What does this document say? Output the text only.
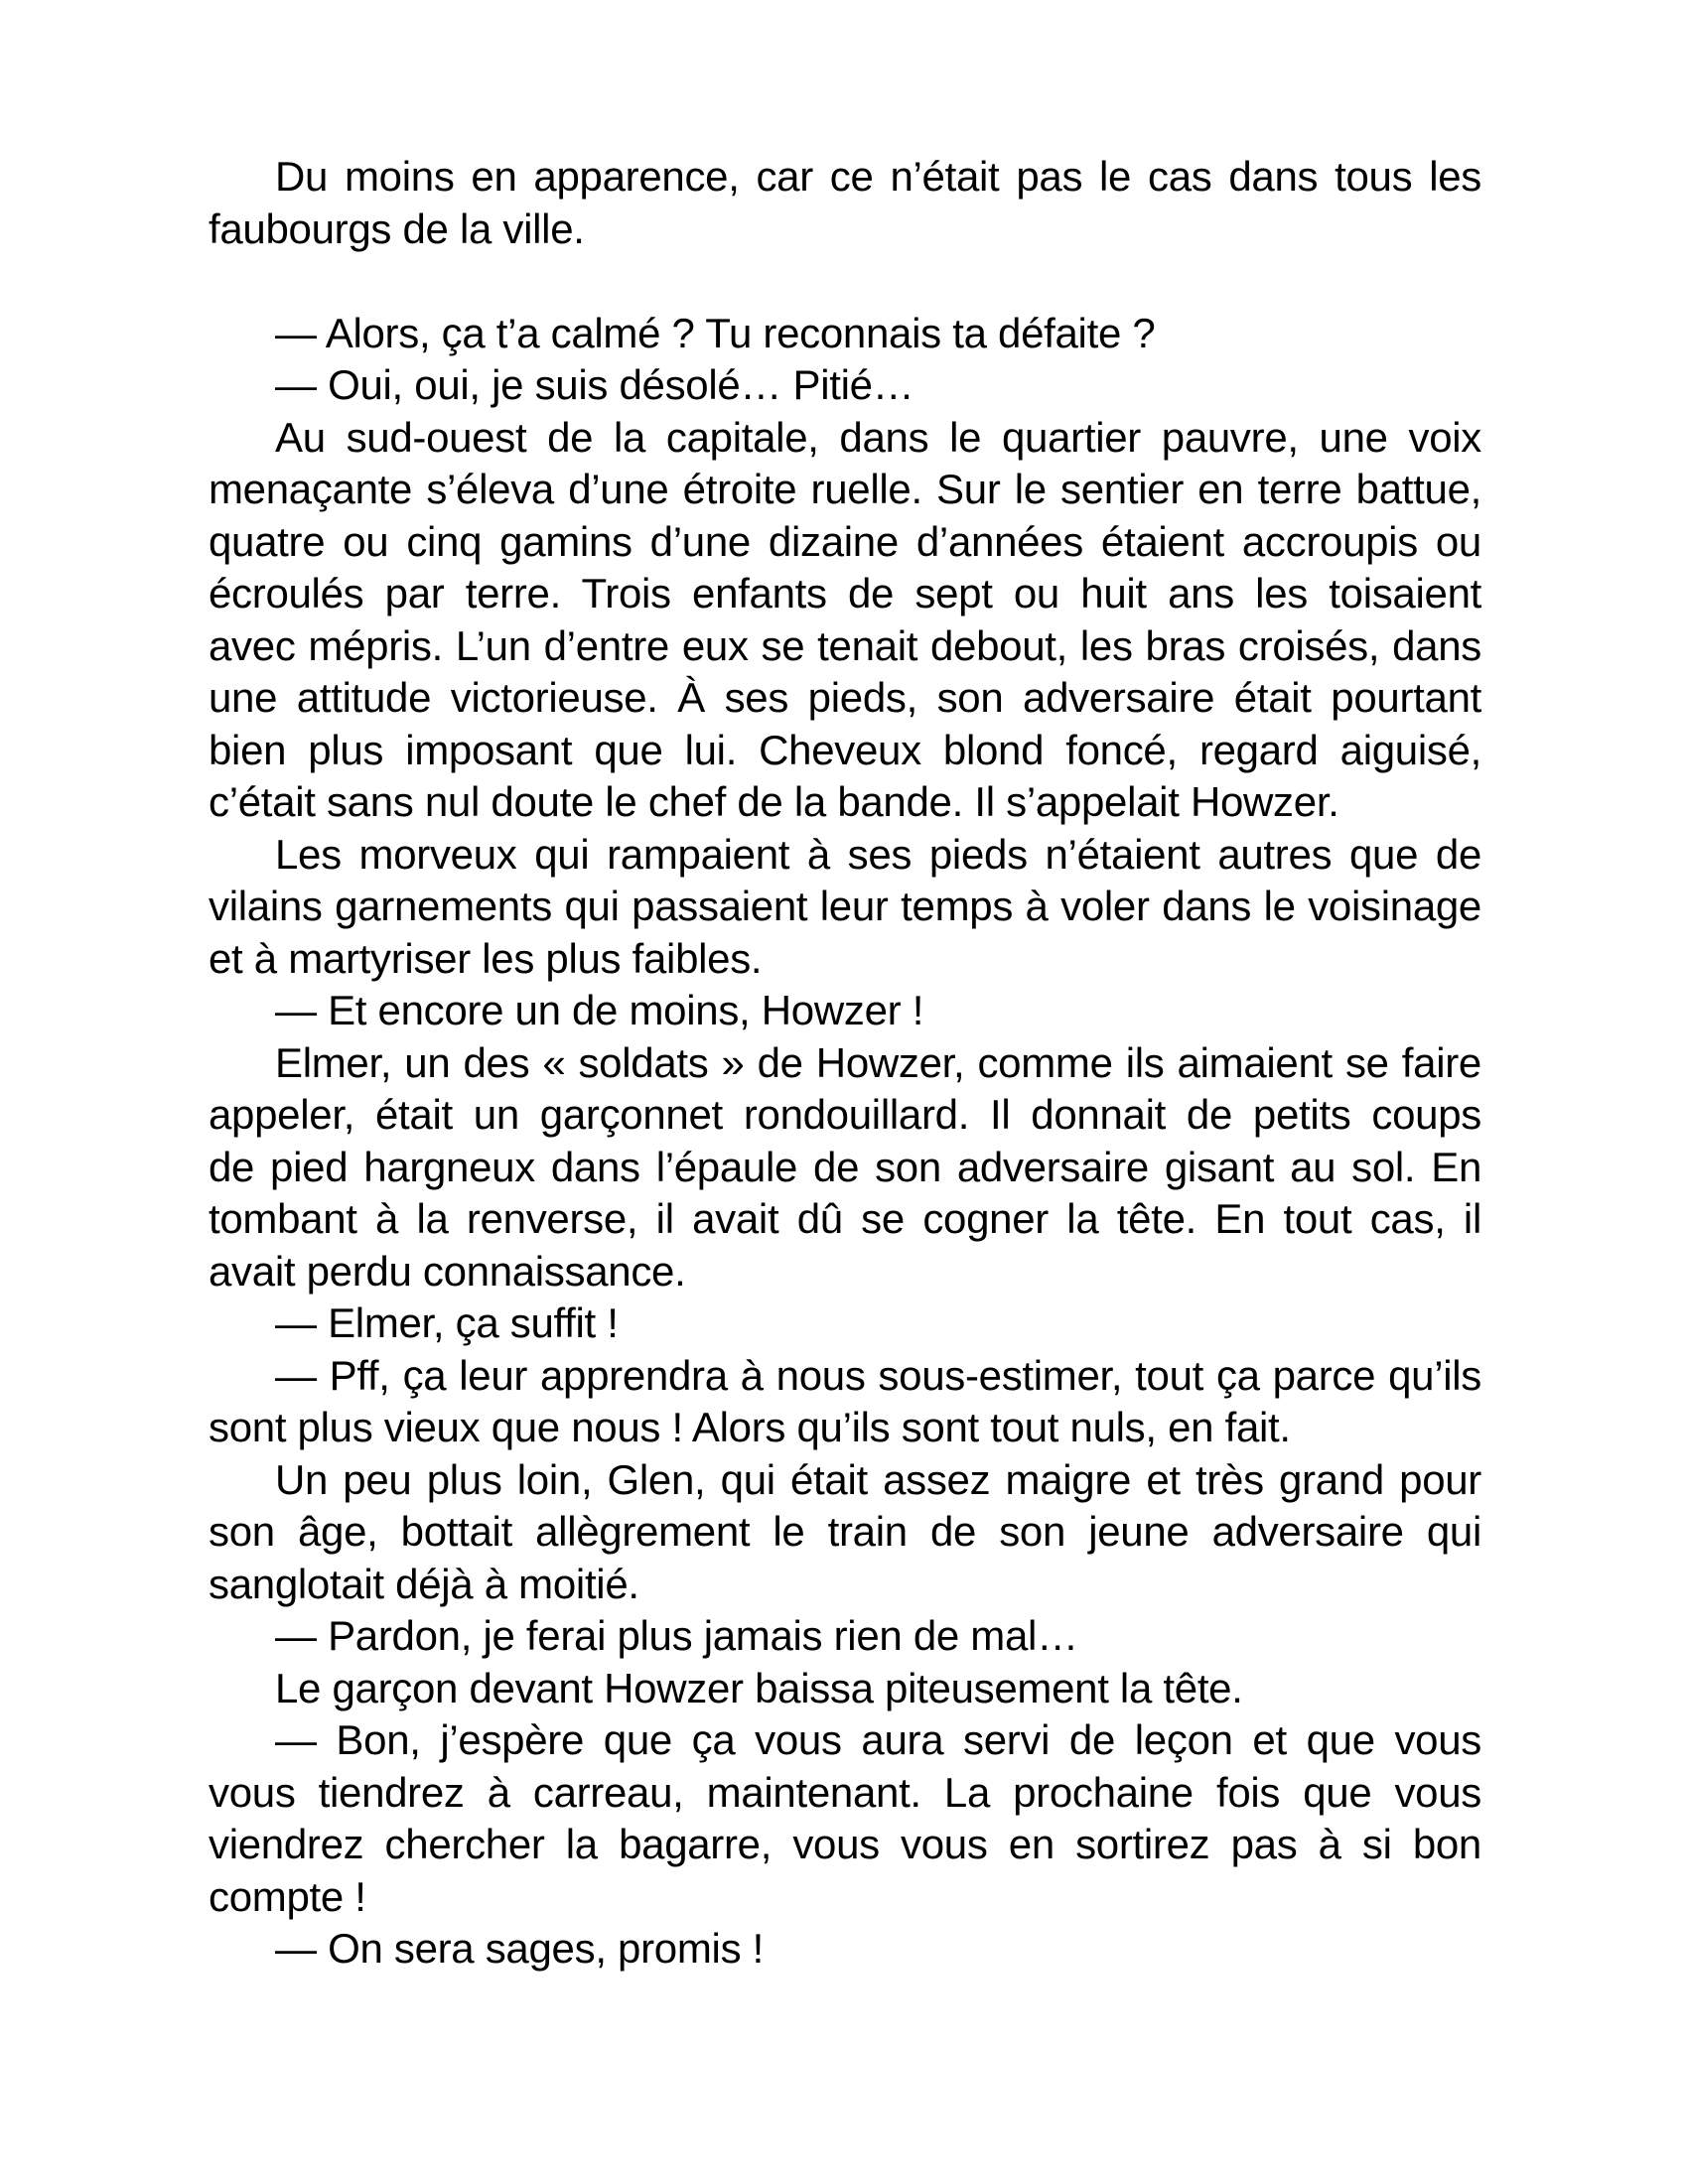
Du moins en apparence, car ce n’était pas le cas dans tous les
faubourgs de la ville.
— Alors, ça t’a calmé ? Tu reconnais ta défaite ?
— Oui, oui, je suis désolé… Pitié…
Au sud-ouest de la capitale, dans le quartier pauvre, une voix
menaçante s’éleva d’une étroite ruelle. Sur le sentier en terre battue,
quatre ou cinq gamins d’une dizaine d’années étaient accroupis ou
écroulés par terre. Trois enfants de sept ou huit ans les toisaient
avec mépris. L’un d’entre eux se tenait debout, les bras croisés, dans
une attitude victorieuse. À ses pieds, son adversaire était pourtant
bien plus imposant que lui. Cheveux blond foncé, regard aiguisé,
c’était sans nul doute le chef de la bande. Il s’appelait Howzer.
Les morveux qui rampaient à ses pieds n’étaient autres que de
vilains garnements qui passaient leur temps à voler dans le voisinage
et à martyriser les plus faibles.
— Et encore un de moins, Howzer !
Elmer, un des « soldats » de Howzer, comme ils aimaient se faire
appeler, était un garçonnet rondouillard. Il donnait de petits coups
de pied hargneux dans l’épaule de son adversaire gisant au sol. En
tombant à la renverse, il avait dû se cogner la tête. En tout cas, il
avait perdu connaissance.
— Elmer, ça suffit !
— Pff, ça leur apprendra à nous sous-estimer, tout ça parce qu’ils
sont plus vieux que nous ! Alors qu’ils sont tout nuls, en fait.
Un peu plus loin, Glen, qui était assez maigre et très grand pour
son âge, bottait allègrement le train de son jeune adversaire qui
sanglotait déjà à moitié.
— Pardon, je ferai plus jamais rien de mal…
Le garçon devant Howzer baissa piteusement la tête.
— Bon, j’espère que ça vous aura servi de leçon et que vous
vous tiendrez à carreau, maintenant. La prochaine fois que vous
viendrez chercher la bagarre, vous vous en sortirez pas à si bon
compte !
— On sera sages, promis !
